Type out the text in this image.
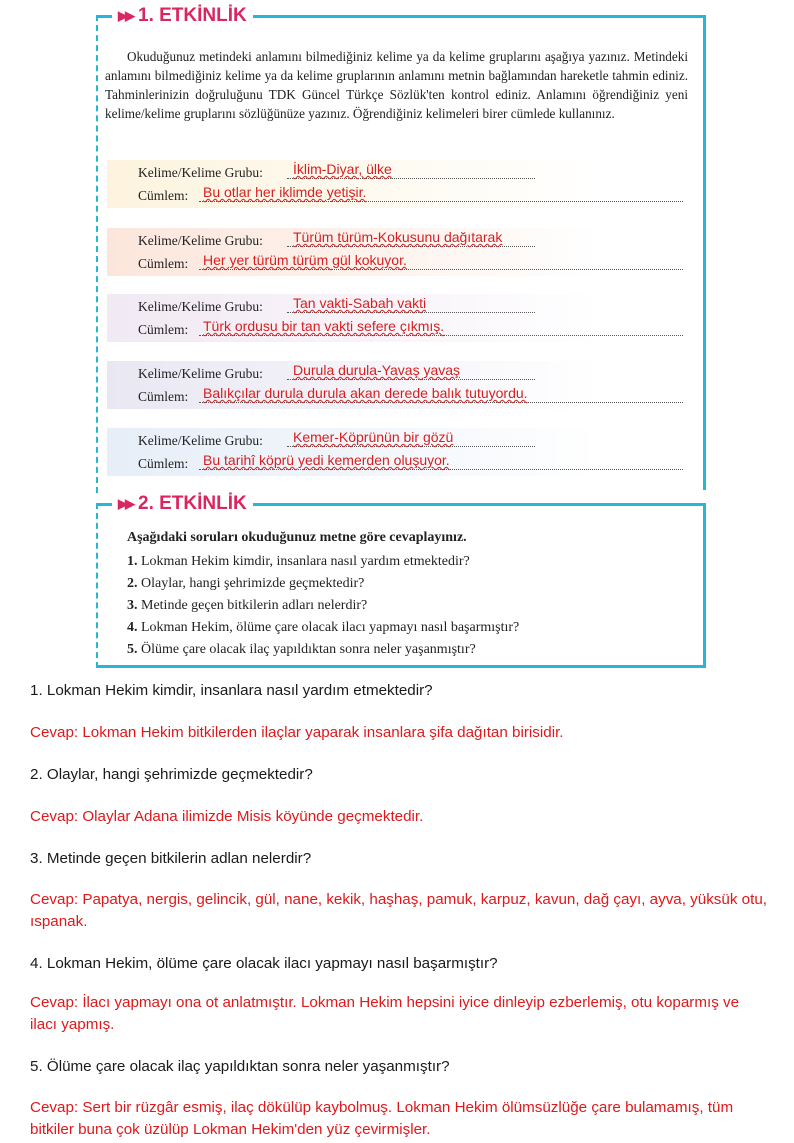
▶▶ 1. ETKİNLİK

Okuduğunuz metindeki anlamını bilmediğiniz kelime ya da kelime gruplarını aşağıya yazınız. Metindeki anlamını bilmediğiniz kelime ya da kelime gruplarının anlamını metnin bağlamından hareketle tahmin ediniz. Tahminlerinizin doğruluğunu TDK Güncel Türkçe Sözlük'ten kontrol ediniz. Anlamını öğrendiğiniz yeni kelime/kelime gruplarını sözlüğünüze yazınız. Öğrendiğiniz kelimeleri birer cümlede kullanınız.

Kelime/Kelime Grubu: İklim-Diyar, ülke
Cümlem: Bu otlar her iklimde yetişir.
Kelime/Kelime Grubu: Türüm türüm-Kokusunu dağıtarak
Cümlem: Her yer türüm türüm gül kokuyor.
Kelime/Kelime Grubu: Tan vakti-Sabah vakti
Cümlem: Türk ordusu bir tan vakti sefere çıkmış.
Kelime/Kelime Grubu: Durula durula-Yavaş yavaş
Cümlem: Balıkçılar durula durula akan derede balık tutuyordu.
Kelime/Kelime Grubu: Kemer-Köprünün bir gözü
Cümlem: Bu tarihî köprü yedi kemerden oluşuyor.
▶▶ 2. ETKİNLİK
Aşağıdaki soruları okuduğunuz metne göre cevaplayınız.
1. Lokman Hekim kimdir, insanlara nasıl yardım etmektedir?
2. Olaylar, hangi şehrimizde geçmektedir?
3. Metinde geçen bitkilerin adları nelerdir?
4. Lokman Hekim, ölüme çare olacak ilacı yapmayı nasıl başarmıştır?
5. Ölüme çare olacak ilaç yapıldıktan sonra neler yaşanmıştır?

1. Lokman Hekim kimdir, insanlara nasıl yardım etmektedir?

Cevap: Lokman Hekim bitkilerden ilaçlar yaparak insanlara şifa dağıtan birisidir.

2. Olaylar, hangi şehrimizde geçmektedir?

Cevap: Olaylar Adana ilimizde Misis köyünde geçmektedir.

3. Metinde geçen bitkilerin adlan nelerdir?

Cevap: Papatya, nergis, gelincik, gül, nane, kekik, haşhaş, pamuk, karpuz, kavun, dağ çayı, ayva, yüksük otu, ıspanak.

4. Lokman Hekim, ölüme çare olacak ilacı yapmayı nasıl başarmıştır?

Cevap: İlacı yapmayı ona ot anlatmıştır. Lokman Hekim hepsini iyice dinleyip ezberlemiş, otu koparmış ve ilacı yapmış.

5. Ölüme çare olacak ilaç yapıldıktan sonra neler yaşanmıştır?

Cevap: Sert bir rüzgâr esmiş, ilaç dökülüp kaybolmuş. Lokman Hekim ölümsüzlüğe çare bulamamış, tüm bitkiler buna çok üzülüp Lokman Hekim'den yüz çevirmişler.
